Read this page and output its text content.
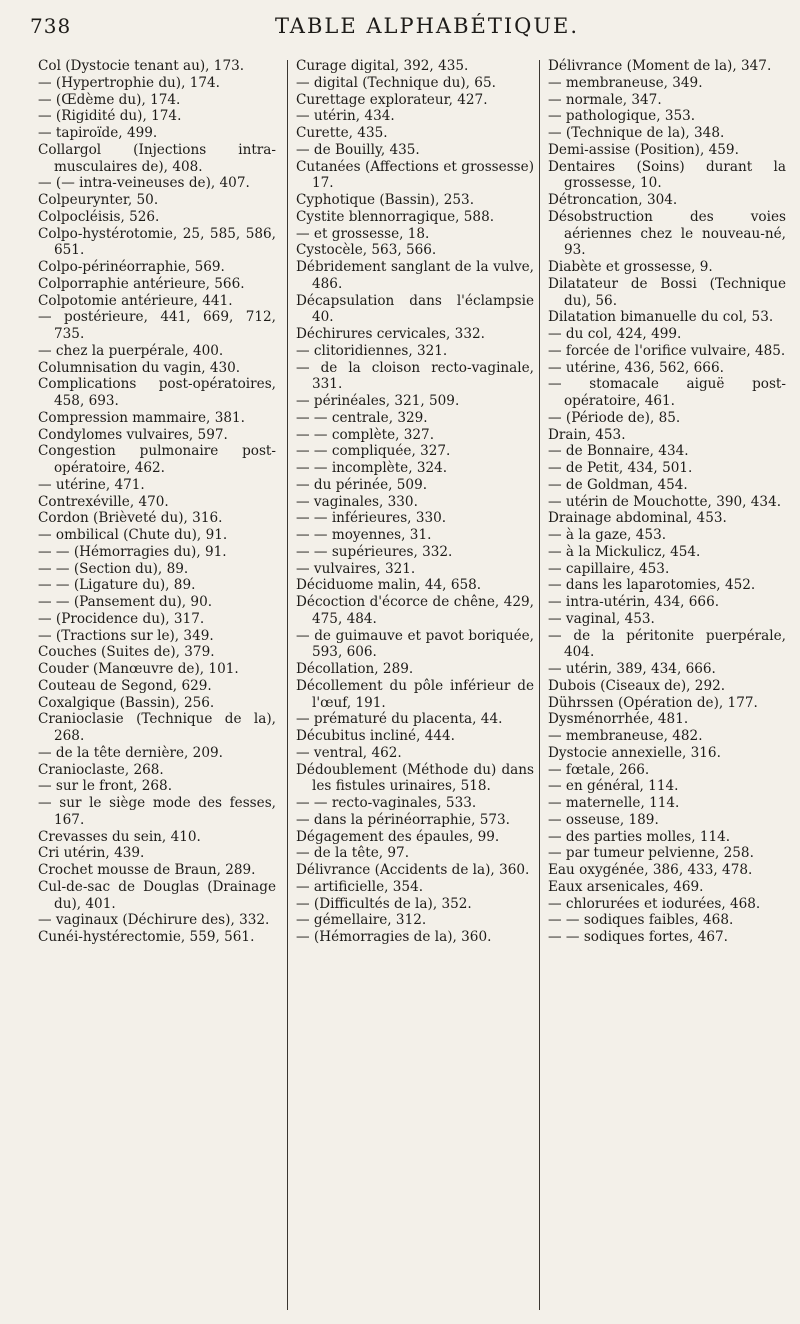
738	TABLE ALPHABÉTIQUE.

Col (Dystocie tenant au), 173.

— (Hypertrophie du), 174.

— (Œdème du), 174.

— (Rigidité du), 174.

— tapiroïde, 499.

Collargol (Injections intra-musculaires de), 408.

— (— intra-veineuses de), 407.

Colpeurynter, 50.

Colpocléisis, 526.

Colpo-hystérotomie, 25, 585, 586, 651.

Colpo-périnéorraphie, 569.

Colporraphie antérieure, 566.

Colpotomie antérieure, 441.

— postérieure, 441, 669, 712, 735.

— chez la puerpérale, 400.

Columnisation du vagin, 430.

Complications post-opératoires, 458, 693.

Compression mammaire, 381.

Condylomes vulvaires, 597.

Congestion pulmonaire post-opératoire, 462.

— utérine, 471.

Contrexéville, 470.

Cordon (Brièveté du), 316.

— ombilical (Chute du), 91.

— — (Hémorragies du), 91.

— — (Section du), 89.

— — (Ligature du), 89.

— — (Pansement du), 90.

— (Procidence du), 317.

— (Tractions sur le), 349.

Couches (Suites de), 379.

Couder (Manœuvre de), 101.

Couteau de Segond, 629.

Coxalgique (Bassin), 256.

Cranioclasie (Technique de la), 268.

— de la tête dernière, 209.

Cranioclaste, 268.

— sur le front, 268.

— sur le siège mode des fesses, 167.

Crevasses du sein, 410.

Cri utérin, 439.

Crochet mousse de Braun, 289.

Cul-de-sac de Douglas (Drainage du), 401.

— vaginaux (Déchirure des), 332.

Cunéi-hystérectomie, 559, 561.

Curage digital, 392, 435.

— digital (Technique du), 65.

Curettage explorateur, 427.

— utérin, 434.

Curette, 435.

— de Bouilly, 435.

Cutanées (Affections et grossesse) 17.

Cyphotique (Bassin), 253.

Cystite blennorragique, 588.

— et grossesse, 18.

Cystocèle, 563, 566.

Débridement sanglant de la vulve, 486.

Décapsulation dans l'éclampsie 40.

Déchirures cervicales, 332.

— clitoridiennes, 321.

— de la cloison recto-vaginale, 331.

— périnéales, 321, 509.

— — centrale, 329.

— — complète, 327.

— — compliquée, 327.

— — incomplète, 324.

— du périnée, 509.

— vaginales, 330.

— — inférieures, 330.

— — moyennes, 31.

— — supérieures, 332.

— vulvaires, 321.

Déciduome malin, 44, 658.

Décoction d'écorce de chêne, 429, 475, 484.

— de guimauve et pavot boriquée, 593, 606.

Décollation, 289.

Décollement du pôle inférieur de l'œuf, 191.

— prématuré du placenta, 44.

Décubitus incliné, 444.

— ventral, 462.

Dédoublement (Méthode du) dans les fistules urinaires, 518.

— — recto-vaginales, 533.

— dans la périnéorraphie, 573.

Dégagement des épaules, 99.

— de la tête, 97.

Délivrance (Accidents de la), 360.

— artificielle, 354.

— (Difficultés de la), 352.

— gémellaire, 312.

— (Hémorragies de la), 360.

Délivrance (Moment de la), 347.

— membraneuse, 349.

— normale, 347.

— pathologique, 353.

— (Technique de la), 348.

Demi-assise (Position), 459.

Dentaires (Soins) durant la grossesse, 10.

Détroncation, 304.

Désobstruction des voies aériennes chez le nouveau-né, 93.

Diabète et grossesse, 9.

Dilatateur de Bossi (Technique du), 56.

Dilatation bimanuelle du col, 53.

— du col, 424, 499.

— forcée de l'orifice vulvaire, 485.

— utérine, 436, 562, 666.

— stomacale aiguë post-opératoire, 461.

— (Période de), 85.

Drain, 453.

— de Bonnaire, 434.

— de Petit, 434, 501.

— de Goldman, 454.

— utérin de Mouchotte, 390, 434.

Drainage abdominal, 453.

— à la gaze, 453.

— à la Mickulicz, 454.

— capillaire, 453.

— dans les laparotomies, 452.

— intra-utérin, 434, 666.

— vaginal, 453.

— de la péritonite puerpérale, 404.

— utérin, 389, 434, 666.

Dubois (Ciseaux de), 292.

Dührssen (Opération de), 177.

Dysménorrhée, 481.

— membraneuse, 482.

Dystocie annexielle, 316.

— fœtale, 266.

— en général, 114.

— maternelle, 114.

— osseuse, 189.

— des parties molles, 114.

— par tumeur pelvienne, 258.

Eau oxygénée, 386, 433, 478.

Eaux arsenicales, 469.

— chlorurées et iodurées, 468.

— — sodiques faibles, 468.

— — sodiques fortes, 467.
